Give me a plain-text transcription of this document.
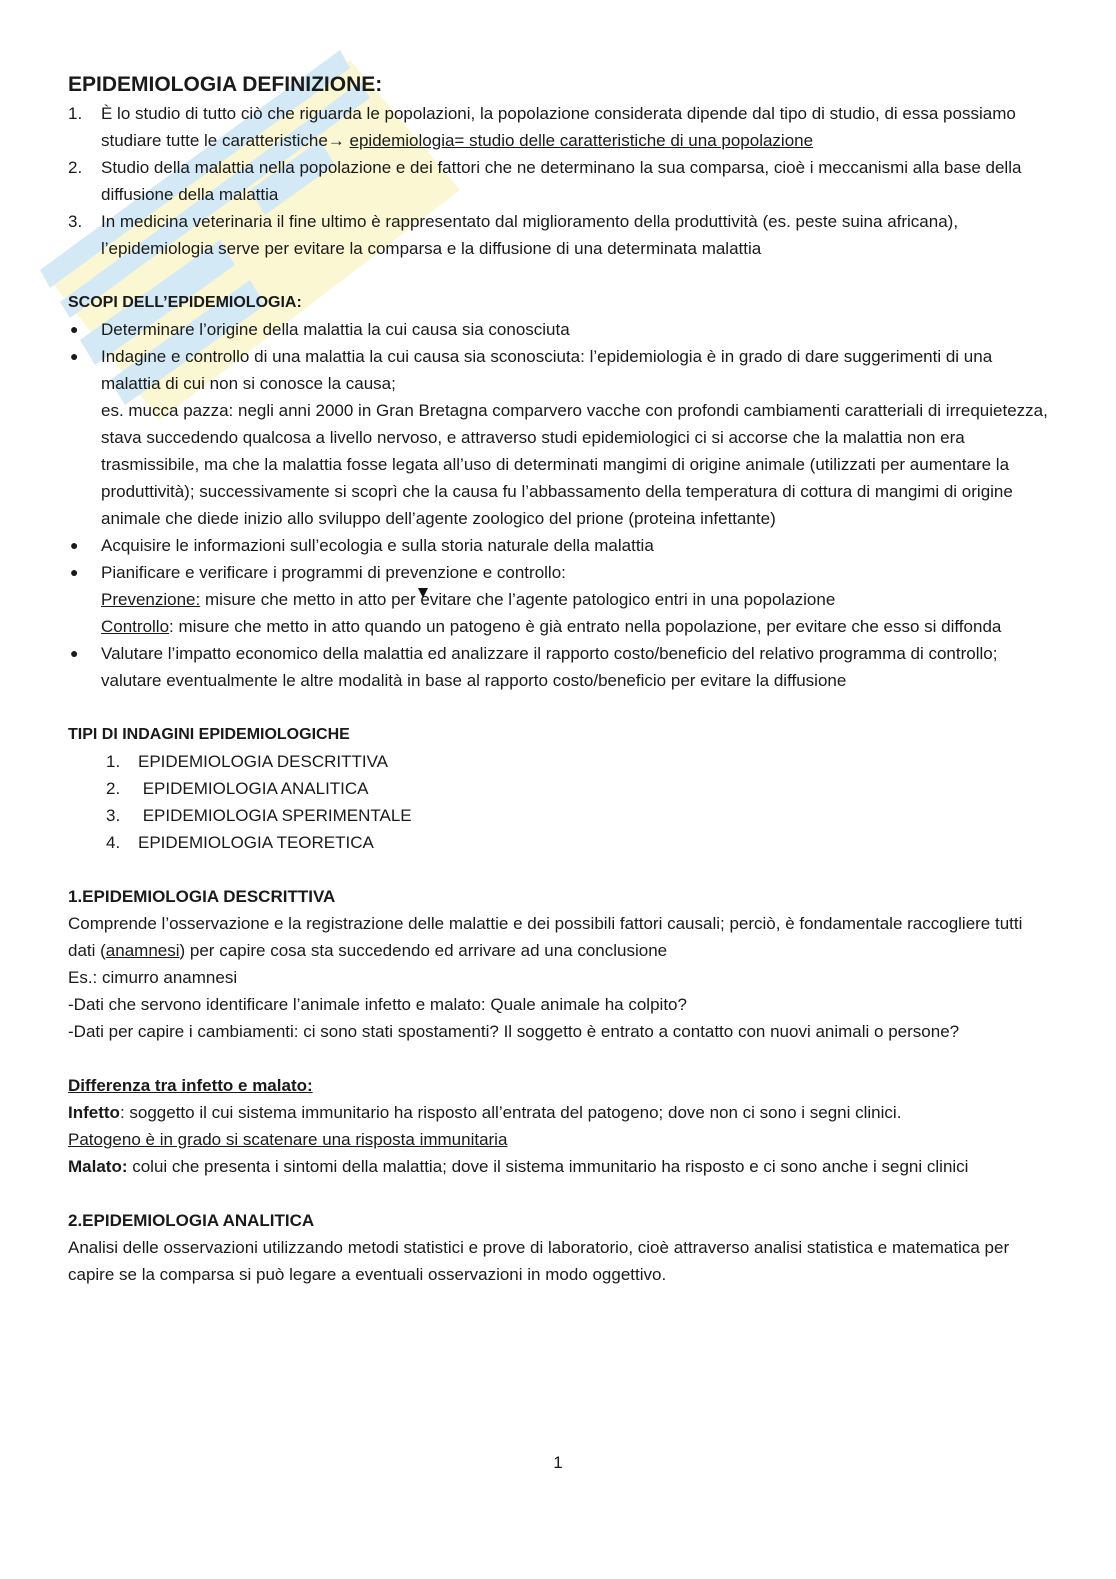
EPIDEMIOLOGIA DEFINIZIONE:
1. È lo studio di tutto ciò che riguarda le popolazioni, la popolazione considerata dipende dal tipo di studio, di essa possiamo studiare tutte le caratteristiche→ epidemiologia= studio delle caratteristiche di una popolazione
2. Studio della malattia nella popolazione e dei fattori che ne determinano la sua comparsa, cioè i meccanismi alla base della diffusione della malattia
3. In medicina veterinaria il fine ultimo è rappresentato dal miglioramento della produttività (es. peste suina africana), l’epidemiologia serve per evitare la comparsa e la diffusione di una determinata malattia

SCOPI DELL’EPIDEMIOLOGIA:

● Determinare l’origine della malattia la cui causa sia conosciuta
● Indagine e controllo di una malattia la cui causa sia sconosciuta: l’epidemiologia è in grado di dare suggerimenti di una malattia di cui non si conosce la causa;
es. mucca pazza: negli anni 2000 in Gran Bretagna comparvero vacche con profondi cambiamenti caratteriali di irrequietezza, stava succedendo qualcosa a livello nervoso, e attraverso studi epidemiologici ci si accorse che la malattia non era trasmissibile, ma che la malattia fosse legata all’uso di determinati mangimi di origine animale (utilizzati per aumentare la produttività); successivamente si scoprì che la causa fu l’abbassamento della temperatura di cottura di mangimi di origine animale che diede inizio allo sviluppo dell’agente zoologico del prione (proteina infettante)
● Acquisire le informazioni sull’ecologia e sulla storia naturale della malattia
● Pianificare e verificare i programmi di prevenzione e controllo:
Prevenzione: misure che metto in atto per evitare che l’agente patologico entri in una popolazione
Controllo: misure che metto in atto quando un patogeno è già entrato nella popolazione, per evitare che esso si diffonda
● Valutare l’impatto economico della malattia ed analizzare il rapporto costo/beneficio del relativo programma di controllo; valutare eventualmente le altre modalità in base al rapporto costo/beneficio per evitare la diffusione

TIPI DI INDAGINI EPIDEMIOLOGICHE

1. EPIDEMIOLOGIA DESCRITTIVA
2. EPIDEMIOLOGIA ANALITICA
3. EPIDEMIOLOGIA SPERIMENTALE
4. EPIDEMIOLOGIA TEORETICA

1.EPIDEMIOLOGIA DESCRITTIVA

Comprende l’osservazione e la registrazione delle malattie e dei possibili fattori causali; perciò, è fondamentale raccogliere tutti dati (anamnesi) per capire cosa sta succedendo ed arrivare ad una conclusione

Es.: cimurro anamnesi

-Dati che servono identificare l’animale infetto e malato: Quale animale ha colpito?

-Dati per capire i cambiamenti: ci sono stati spostamenti? Il soggetto è entrato a contatto con nuovi animali o persone?

Differenza tra infetto e malato:

Infetto: soggetto il cui sistema immunitario ha risposto all’entrata del patogeno; dove non ci sono i segni clinici.

Patogeno è in grado si scatenare una risposta immunitaria

Malato: colui che presenta i sintomi della malattia; dove il sistema immunitario ha risposto e ci sono anche i segni clinici

2.EPIDEMIOLOGIA ANALITICA

Analisi delle osservazioni utilizzando metodi statistici e prove di laboratorio, cioè attraverso analisi statistica e matematica per capire se la comparsa si può legare a eventuali osservazioni in modo oggettivo.

1
